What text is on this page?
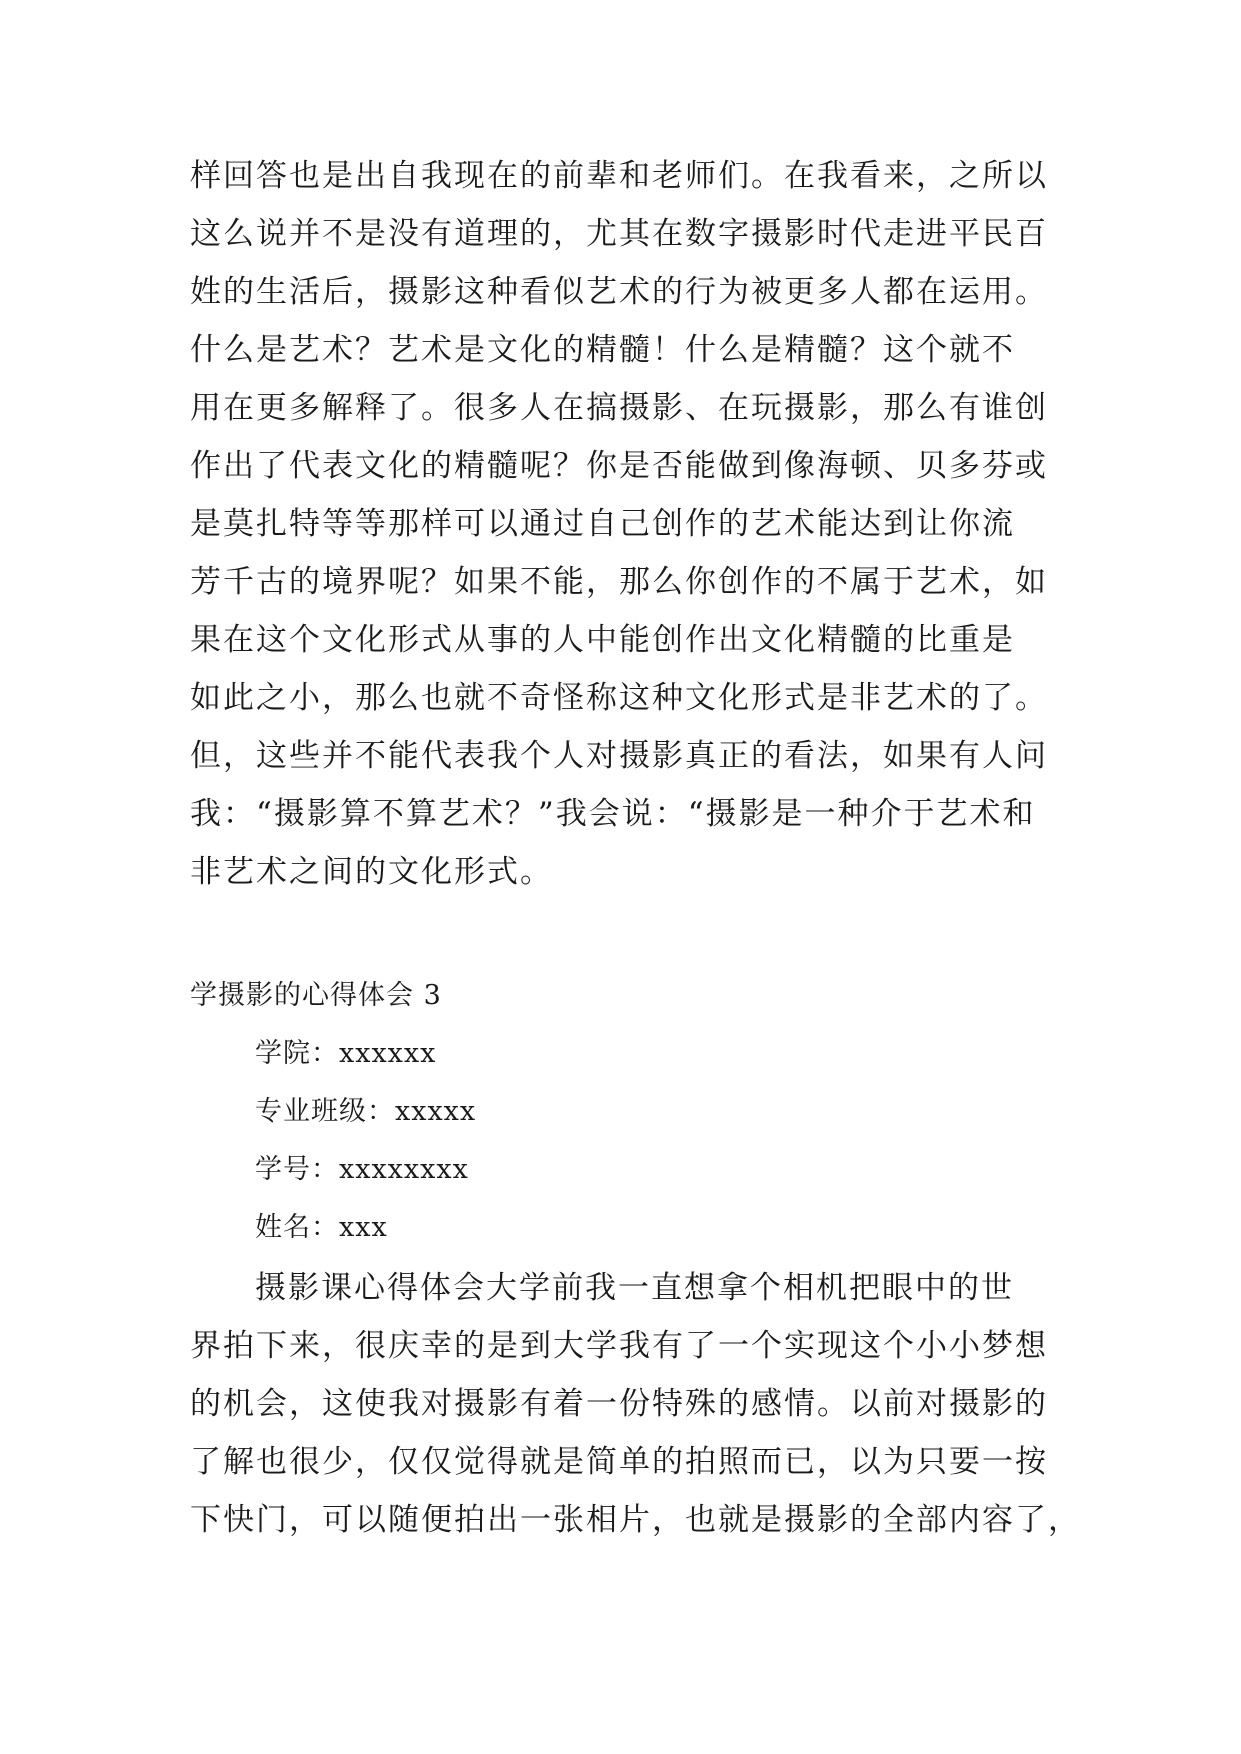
样回答也是出自我现在的前辈和老师们。在我看来，之所以
这么说并不是没有道理的，尤其在数字摄影时代走进平民百
姓的生活后，摄影这种看似艺术的行为被更多人都在运用。
什么是艺术？艺术是文化的精髓！什么是精髓？这个就不
用在更多解释了。很多人在搞摄影、在玩摄影，那么有谁创
作出了代表文化的精髓呢？你是否能做到像海顿、贝多芬或
是莫扎特等等那样可以通过自己创作的艺术能达到让你流
芳千古的境界呢？如果不能，那么你创作的不属于艺术，如
果在这个文化形式从事的人中能创作出文化精髓的比重是
如此之小，那么也就不奇怪称这种文化形式是非艺术的了。
但，这些并不能代表我个人对摄影真正的看法，如果有人问
我：“摄影算不算艺术？”我会说：“摄影是一种介于艺术和
非艺术之间的文化形式。
学摄影的心得体会 3
学院：xxxxxx
专业班级：xxxxx
学号：xxxxxxxx
姓名：xxx
摄影课心得体会大学前我一直想拿个相机把眼中的世
界拍下来，很庆幸的是到大学我有了一个实现这个小小梦想
的机会，这使我对摄影有着一份特殊的感情。以前对摄影的
了解也很少，仅仅觉得就是简单的拍照而已，以为只要一按
下快门，可以随便拍出一张相片，也就是摄影的全部内容了，
